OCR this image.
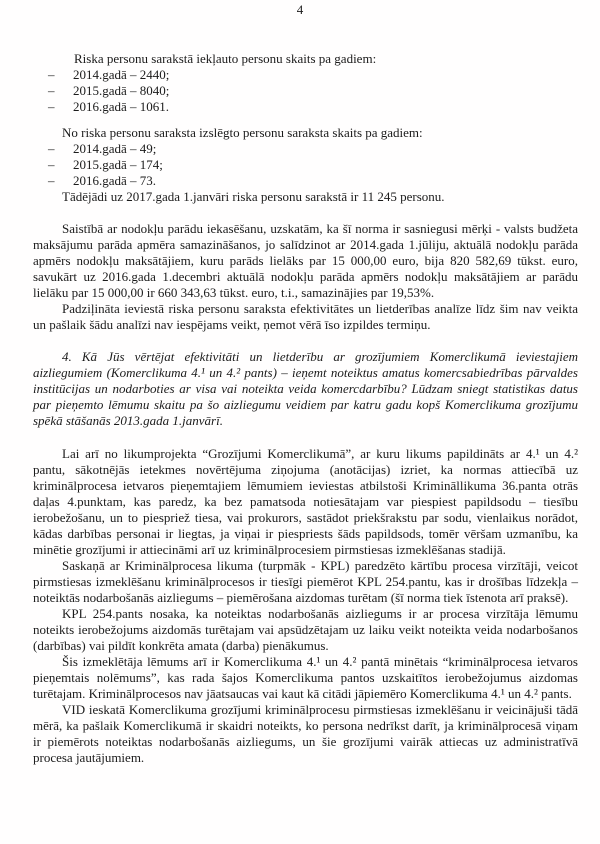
4
Riska personu sarakstā iekļauto personu skaits pa gadiem:
–	2014.gadā – 2440;
–	2015.gadā – 8040;
–	2016.gadā – 1061.
No riska personu saraksta izslēgto personu saraksta skaits pa gadiem:
–	2014.gadā – 49;
–	2015.gadā – 174;
–	2016.gadā – 73.
Tādējādi uz 2017.gada 1.janvāri riska personu sarakstā ir 11 245 personu.

Saistībā ar nodokļu parādu iekasēšanu, uzskatām, ka šī norma ir sasniegusi mērķi - valsts budžeta maksājumu parāda apmēra samazināšanos, jo salīdzinot ar 2014.gada 1.jūliju, aktuālā nodokļu parāda apmērs nodokļu maksātājiem, kuru parāds lielāks par 15 000,00 euro, bija 820 582,69 tūkst. euro, savukārt uz 2016.gada 1.decembri aktuālā nodokļu parāda apmērs nodokļu maksātājiem ar parādu lielāku par 15 000,00 ir 660 343,63 tūkst. euro, t.i., samazinājies par 19,53%.

Padziļināta ieviestā riska personu saraksta efektivitātes un lietderības analīze līdz šim nav veikta un pašlaik šādu analīzi nav iespējams veikt, ņemot vērā īso izpildes termiņu.

4. Kā Jūs vērtējat efektivitāti un lietderību ar grozījumiem Komerclikumā ieviestajiem aizliegumiem (Komerclikuma 4.¹ un 4.² pants) – ieņemt noteiktus amatus komercsabiedrības pārvaldes institūcijas un nodarboties ar visa vai noteikta veida komercdarbību? Lūdzam sniegt statistikas datus par pieņemto lēmumu skaitu pa šo aizliegumu veidiem par katru gadu kopš Komerclikuma grozījumu spēkā stāšanās 2013.gada 1.janvārī.

Lai arī no likumprojekta “Grozījumi Komerclikumā”, ar kuru likums papildināts ar 4.¹ un 4.² pantu, sākotnējās ietekmes novērtējuma ziņojuma (anotācijas) izriet, ka normas attiecībā uz kriminālprocesa ietvaros pieņemtajiem lēmumiem ieviestas atbilstoši Krimināllikuma 36.panta otrās daļas 4.punktam, kas paredz, ka bez pamatsoda notiesātajam var piespiest papildsodu – tiesību ierobežošanu, un to piespriež tiesa, vai prokurors, sastādot priekšrakstu par sodu, vienlaikus norādot, kādas darbības personai ir liegtas, ja viņai ir piespriests šāds papildsods, tomēr vēršam uzmanību, ka minētie grozījumi ir attiecināmi arī uz kriminālprocesiem pirmstiesas izmeklēšanas stadijā.

Saskaņā ar Kriminālprocesa likuma (turpmāk - KPL) paredzēto kārtību procesa virzītāji, veicot pirmstiesas izmeklēšanu kriminālprocesos ir tiesīgi piemērot KPL 254.pantu, kas ir drošības līdzekļa – noteiktās nodarbošanās aizliegums – piemērošana aizdomas turētam (šī norma tiek īstenota arī praksē).

KPL 254.pants nosaka, ka noteiktas nodarbošanās aizliegums ir ar procesa virzītāja lēmumu noteikts ierobežojums aizdomās turētajam vai apsūdzētajam uz laiku veikt noteikta veida nodarbošanos (darbības) vai pildīt konkrēta amata (darba) pienākumus.

Šis izmeklētāja lēmums arī ir Komerclikuma 4.¹ un 4.² pantā minētais “kriminālprocesa ietvaros pieņemtais nolēmums”, kas rada šajos Komerclikuma pantos uzskaitītos ierobežojumus aizdomas turētajam. Kriminālprocesos nav jāatsaucas vai kaut kā citādi jāpiemēro Komerclikuma 4.¹ un 4.² pants.

VID ieskatā Komerclikuma grozījumi kriminālprocesu pirmstiesas izmeklēšanu ir veicinājuši tādā mērā, ka pašlaik Komerclikumā ir skaidri noteikts, ko persona nedrīkst darīt, ja kriminālprocesā viņam ir piemērots noteiktas nodarbošanās aizliegums, un šie grozījumi vairāk attiecas uz administratīvā procesa jautājumiem.
